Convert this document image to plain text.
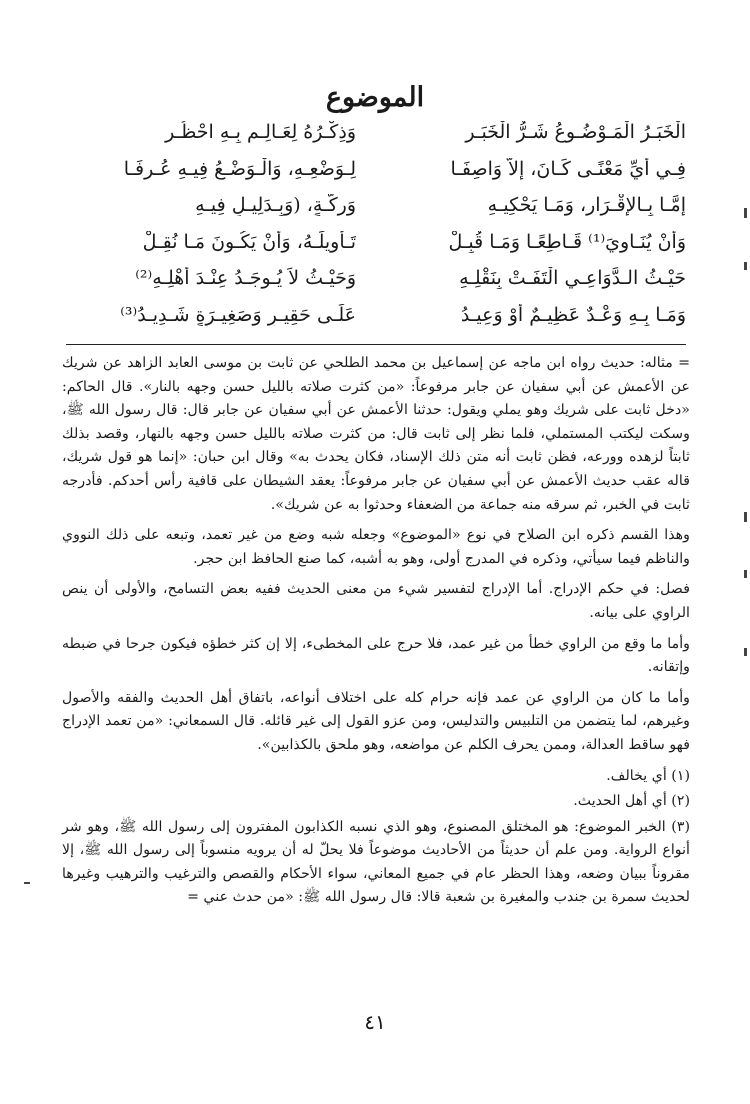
الموضوع
الْخَبَـرُ الْمَـوْضُـوعُ شَـرُّ الْخَبَـرِ
وَذِكْـرُهُ لِعَـالِـمٍ بِـهِ احْظُـرِ
فِـي أَيِّ مَعْنًـى كَـانَ، إلاَّ وَاصِفَـا
لِـوَضْعِـهِ، وَالْـوَضْـعُ فِيـهِ عُـرِفَـا
إِمَّـا بِـالإِقْـرَارِ، وَمَـا يَحْكِيـهِ
وَرِكَّـةٍ، (وَبِـدَلِيـلٍ فِيـهِ
وَأَنْ يُنَـاوِيَ⁽¹⁾ قَـاطِعًـا وَمَـا قُبِـلْ
تَـأْوِيلَـهُ، وَأَنْ يَكُـونَ مَـا نُقِـلْ
حَيْـثُ الـدَّوَاعِـي الْتَفَـتْ بِنَقْلِـهِ
وَحَيْـثُ لاَ يُـوجَـدُ عِنْـدَ أَهْلِـهِ⁽²⁾
وَمَـا بِـهِ وَعْـدٌ عَظِيـمٌ أَوْ وَعِيـدُ
عَلَـى حَقِيـرٍ وَصَغِيـرَةٍ شَـدِيـدُ⁽³⁾

= مثاله: حديث رواه ابن ماجه عن إسماعيل بن محمد الطلحي عن ثابت بن موسى العابد الزاهد عن شريك عن الأعمش عن أبي سفيان عن جابر مرفوعاً: «من كثرت صلاته بالليل حسن وجهه بالنار». قال الحاكم: «دخل ثابت على شريك وهو يملي ويقول: حدثنا الأعمش عن أبي سفيان عن جابر قال: قال رسول الله ﷺ، وسكت ليكتب المستملي، فلما نظر إلى ثابت قال: من كثرت صلاته بالليل حسن وجهه بالنهار، وقصد بذلك ثابتاً لزهده وورعه، فظن ثابت أنه متن ذلك الإسناد، فكان يحدث به» وقال ابن حبان: «إنما هو قول شريك، قاله عقب حديث الأعمش عن أبي سفيان عن جابر مرفوعاً: يعقد الشيطان على قافية رأس أحدكم. فأدرجه ثابت في الخبر، ثم سرقه منه جماعة من الضعفاء وحدثوا به عن شريك».

وهذا القسم ذكره ابن الصلاح في نوع «الموضوع» وجعله شبه وضع من غير تعمد، وتبعه على ذلك النووي والناظم فيما سيأتي، وذكره في المدرج أولى، وهو به أشبه، كما صنع الحافظ ابن حجر.

فصل: في حكم الإدراج. أما الإدراج لتفسير شيء من معنى الحديث ففيه بعض التسامح، والأولى أن ينص الراوي على بيانه.

وأما ما وقع من الراوي خطأ من غير عمد، فلا حرج على المخطىء، إلا إن كثر خطؤه فيكون جرحا في ضبطه وإتقانه.

وأما ما كان من الراوي عن عمد فإنه حرام كله على اختلاف أنواعه، باتفاق أهل الحديث والفقه والأصول وغيرهم، لما يتضمن من التلبيس والتدليس، ومن عزو القول إلى غير قائله. قال السمعاني: «من تعمد الإدراج فهو ساقط العدالة، وممن يحرف الكلم عن مواضعه، وهو ملحق بالكذابين».

(١) أي يخالف.
(٢) أي أهل الحديث.
(٣) الخبر الموضوع: هو المختلق المصنوع، وهو الذي نسبه الكذابون المفترون إلى رسول الله ﷺ، وهو شر أنواع الرواية. ومن علم أن حديثاً من الأحاديث موضوعاً فلا يحلّ له أن يرويه منسوباً إلى رسول الله ﷺ، إلا مقروناً ببيان وضعه، وهذا الحظر عام في جميع المعاني، سواء الأحكام والقصص والترغيب والترهيب وغيرها لحديث سمرة بن جندب والمغيرة بن شعبة قالا: قال رسول الله ﷺ: «من حدث عني =
٤١
